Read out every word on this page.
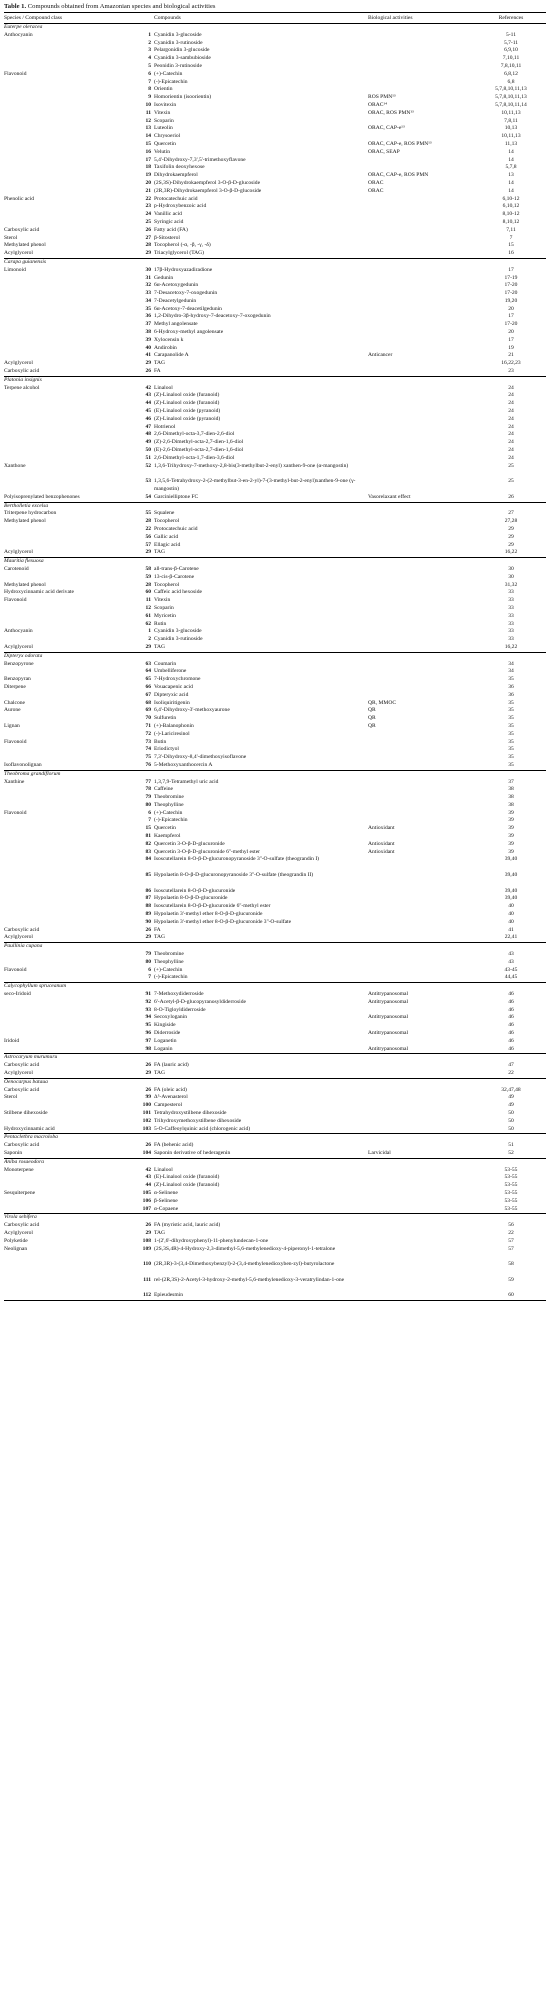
Table 1. Compounds obtained from Amazonian species and biological activities
Species / Compound class		Compounds	Biological activities	References
Euterpe oleracea				
Anthocyanin	1	Cyanidin 3-glucoside		5-11
	2	Cyanidin 3-rutinoside		5,7-11
	3	Pelargonidin 3-glucoside		6,9,10
	4	Cyanidin 3-sambubioside		7,10,11
	5	Peonidin 3-rutinoside		7,8,10,11
Flavonoid	6	(+)-Catechin		6,8,12
	7	(-)-Epicatechin		6,8
	8	Orientin		5,7,8,10,11,13
	9	Homorientin (isoorientin)	ROS PMN¹³	5,7,8,10,11,13
	10	Isovitexin	ORAC¹⁴	5,7,8,10,11,14
	11	Vitexin	ORAC, ROS PMN¹³	10,11,13
	12	Scoparin		7,8,11
	13	Luteolin	ORAC, CAP-e¹³	10,13
	14	Chrysoeriol		10,11,13
	15	Quercetin	ORAC, CAP-e, ROS PMN¹³	11,13
	16	Velutin	ORAC, SEAP	14
	17	5,4'-Dihydroxy-7,3',5'-trimethoxyflavone		14
	18	Taxifolin deoxyhexose		5,7,8
	19	Dihydrokaempferol	ORAC, CAP-e, ROS PMN	13
	20	(2S,3S)-Dihydrokaempferol 3-O-β-D-glucoside	ORAC	14
	21	(2R,3R)-Dihydrokaempferol 3-O-β-D-glucoside	ORAC	14
Phenolic acid	22	Protocatechuic acid		6,10-12
	23	p-Hydroxybenzoic acid		6,10,12
	24	Vanillic acid		8,10-12
	25	Syringic acid		8,10,12
Carboxylic acid	26	Fatty acid (FA)		7,11
Sterol	27	β-Sitosterol		7
Methylated phenol	28	Tocopherol (-α, -β, -γ, -δ)		15
Acylglycerol	29	Triacylglycerol (TAG)		16
Carapa guianensis				
Limonoid	30	17β-Hydroxyazadiradione		17
	31	Gedunin		17-19
	32	6α-Acetoxygedunin		17-20
	33	7-Desacetoxy-7-oxogedunin		17-20
	34	7-Deacetylgedunin		19,20
	35	6α-Acetoxy-7-deacetilgedunin		20
	36	1,2-Dihydro-3β-hydroxy-7-deacetoxy-7-oxogedunin		17
	37	Methyl angolensate		17-20
	38	6-Hydroxy-methyl angolensate		20
	39	Xylocensin k		17
	40	Andirobin		19
	41	Carapanolide A	Anticancer	21
Acylglycerol	29	TAG		16,22,23
Carboxylic acid	26	FA		23
Platonia insignis				
Terpene alcohol	42	Linalool		24
	43	(Z)-Linalool oxide (furanoid)		24
	44	(Z)-Linalool oxide (furanoid)		24
	45	(E)-Linalool oxide (pyranoid)		24
	46	(Z)-Linalool oxide (pyranoid)		24
	47	Hotrienol		24
	48	2,6-Dimethyl-octa-3,7-dien-2,6-diol		24
	49	(Z)-2,6-Dimethyl-octa-2,7-dien-1,6-diol		24
	50	(E)-2,6-Dimethyl-octa-2,7-dien-1,6-diol		24
	51	2,6-Dimethyl-octa-1,7-dien-3,6-diol		24
Xanthone	52	1,3,6-Trihydroxy-7-methoxy-2,8-bis(3-methylbut-2-enyl) xanthen-9-one (α-mangostin)		25
	53	1,3,5,6-Tetrahydroxy-2-(2-methylbut-3-en-2-yl)-7-(3-methyl-but-2-enyl)xanthen-9-one (γ-mangostin)		25
Polyisoprenylated benzophenones	54	Garcinielliptone FC	Vasorelaxant effect	26
Bertholletia excelsa				
Triterpene hydrocarbon	55	Squalene		27
Methylated phenol	28	Tocopherol		27,28
	22	Protocatechuic acid		29
	56	Gallic acid		29
	57	Ellagic acid		29
Acylglycerol	29	TAG		16,22
Mauritia flexuosa				
Carotenoid	58	all-trans-β-Carotene		30
	59	13-cis-β-Carotene		30
Methylated phenol	28	Tocopherol		31,32
Hydroxycinnamic acid derivate	60	Caffeic acid hexoside		33
Flavonoid	11	Vitexin		33
	12	Scoparin		33
	61	Myricetin		33
	62	Rutin		33
Anthocyanin	1	Cyanidin 3-glucoside		33
	2	Cyanidin 3-rutinoside		33
Acylglycerol	29	TAG		16,22
Dipteryx odorata				
Benzopyrone	63	Coumarin		34
	64	Umbelliferone		34
Benzopyran	65	7-Hydroxychromone		35
Diterpene	66	Vouacapenic acid		36
	67	Dipteryxic acid		36
Chalcone	68	Isoliquiritigenin	QR, MMOC	35
Aurone	69	6,4'-Dihydroxy-3'-methoxyaurone	QR	35
	70	Sulfuretin	QR	35
Lignan	71	(+)-Balanophonin	QR	35
	72	(-)-Lariciresinol		35
Flavonoid	73	Butin		35
	74	Eriodictyol		35
	75	7,3'-Dihydroxy-8,4'-dimethoxyisoflavone		35
Isoflavonolignan	76	5-Methoxyxanthocercin A		35
Theobroma grandiflorum				
Xanthine	77	1,3,7,9-Tetramethyl uric acid		37
	78	Caffeine		38
	79	Theobromine		38
	80	Theophylline		38
Flavonoid	6	(+)-Catechin		39
	7	(-)-Epicatechin		39
	15	Quercetin	Antioxidant	39
	81	Kaempferol		39
	82	Quercetin 3-O-β-D-glucuronide	Antioxidant	39
	83	Quercetin 3-O-β-D-glucuronide 6''-methyl ester	Antioxidant	39
	84	Isoscutellarein 8-O-β-D-glucuronopyranoside 3''-O-sulfate (theograndin I)		39,40
	85	Hypolaetin 8-O-β-D-glucuronopyranoside 3''-O-sulfate (theograndin II)		39,40
	86	Isoscutellarein 8-O-β-D-glucuronide		39,40
	87	Hypolaetin 8-O-β-D-glucuronide		39,40
	88	Isoscutellarein 8-O-β-D-glucuronide 6''-methyl ester		40
	89	Hypolaetin 3'-methyl ether 8-O-β-D-glucuronide		40
	90	Hypolaetin 3'-methyl ether 8-O-β-D-glucuronide 3''-O-sulfate		40
Carboxylic acid	26	FA		41
Acylglycerol	29	TAG		22,41
Paullinia cupana				
	79	Theobromine		43
	80	Theophylline		43
Flavonoid	6	(+)-Catechin		43-45
	7	(-)-Epicatechin		44,45
Calycophyllum spruceanum				
seco-Iridoid	91	7-Methoxydiderroside	Antitrypanosomal	46
	92	6'-Acetyl-β-D-glucopyranosyldiderroside	Antitrypanosomal	46
	93	8-O-Tigloyldiderroside		46
	94	Secoxyloganin	Antitrypanosomal	46
	95	Kingiside		46
	96	Diderroside	Antitrypanosomal	46
Iridoid	97	Loganetin		46
	98	Loganin	Antitrypanosomal	46
Astrocaryum murumuru				
Carboxylic acid	26	FA (lauric acid)		47
Acylglycerol	29	TAG		22
Oenocarpus bataua				
Carboxylic acid	26	FA (oleic acid)		32,47,48
Sterol	99	Δ⁵-Avenasterol		49
	100	Campesterol		49
Stilbene dihexoside	101	Tetrahydroxystilbene dihexoside		50
	102	Trihydroxymethoxystilbene dihexoside		50
Hydroxycinnamic acid	103	5-O-Caffeoylquinic acid (chlorogenic acid)		50
Pentaclethra macroloba				
Carboxylic acid	26	FA (behenic acid)		51
Saponin	104	Saponin derivative of hederagenin	Larvicidal	52
Aniba rosaeodora				
Monoterpene	42	Linalool		53-55
	43	(E)-Linalool oxide (furanoid)		53-55
	44	(Z)-Linalool oxide (furanoid)		53-55
Sesquiterpene	105	α-Selinene		53-55
	106	β-Selinene		53-55
	107	α-Copaene		53-55
Virola sebifera				
Carboxylic acid	26	FA (myristic acid, lauric acid)		56
Acylglycerol	29	TAG		22
Polyketide	108	1-(2',6'-dihydroxyphenyl)-11-phenylundecan-1-one		57
Neolignan	109	(2S,3S,4R)-4-Hydroxy-2,3-dimethyl-5,6-methylenedioxy-4-piperonyl-1-tetralone		57
	110	(2R,3R)-3-(3,4-Dimethoxybenzyl)-2-(3,4-methylenedioxyben-zyl)-butyrolactone		58
	111	rel-(2R,3S)-2-Acetyl-3-hydroxy-2-methyl-5,6-methylenedioxy-3-veratrylindan-1-one		59
	112	Epieudesmin		60
